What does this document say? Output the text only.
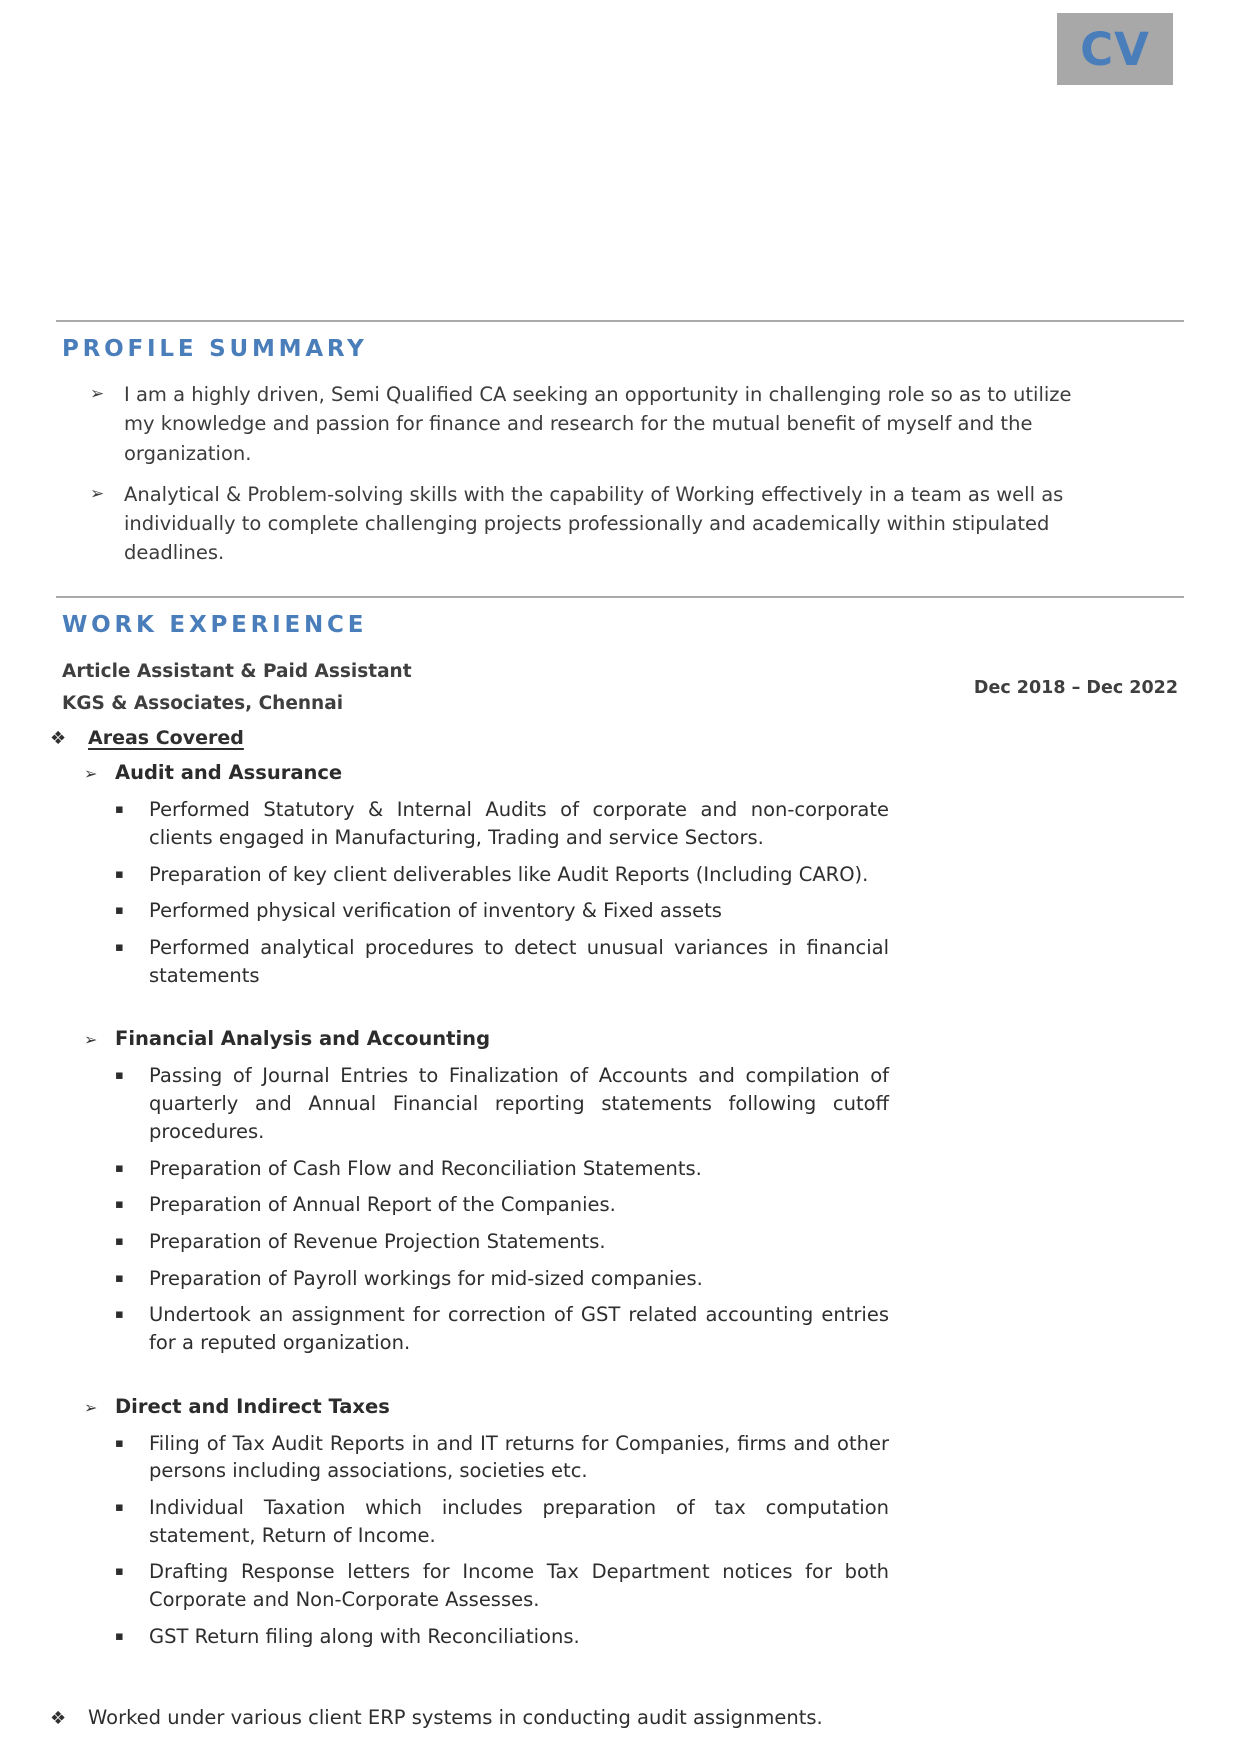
CV
PROFILE SUMMARY
➢	I am a highly driven, Semi Qualified CA seeking an opportunity in challenging role so as to utilize my knowledge and passion for finance and research for the mutual benefit of myself and the organization.
➢	Analytical & Problem-solving skills with the capability of Working effectively in a team as well as individually to complete challenging projects professionally and academically within stipulated deadlines.
WORK EXPERIENCE
Article Assistant & Paid Assistant
KGS & Associates, Chennai
Dec 2018 – Dec 2022
❖	Areas Covered
➢ Audit and Assurance
▪	Performed Statutory & Internal Audits of corporate and non-corporate clients engaged in Manufacturing, Trading and service Sectors.
▪	Preparation of key client deliverables like Audit Reports (Including CARO).
▪	Performed physical verification of inventory & Fixed assets
▪	Performed analytical procedures to detect unusual variances in financial statements
➢ Financial Analysis and Accounting
▪	Passing of Journal Entries to Finalization of Accounts and compilation of quarterly and Annual Financial reporting statements following cutoff procedures.
▪	Preparation of Cash Flow and Reconciliation Statements.
▪	Preparation of Annual Report of the Companies.
▪	Preparation of Revenue Projection Statements.
▪	Preparation of Payroll workings for mid-sized companies.
▪	Undertook an assignment for correction of GST related accounting entries for a reputed organization.
➢ Direct and Indirect Taxes
▪	Filing of Tax Audit Reports in and IT returns for Companies, firms and other persons including associations, societies etc.
▪	Individual Taxation which includes preparation of tax computation statement, Return of Income.
▪	Drafting Response letters for Income Tax Department notices for both Corporate and Non-Corporate Assesses.
▪	GST Return filing along with Reconciliations.
❖	Worked under various client ERP systems in conducting audit assignments.
